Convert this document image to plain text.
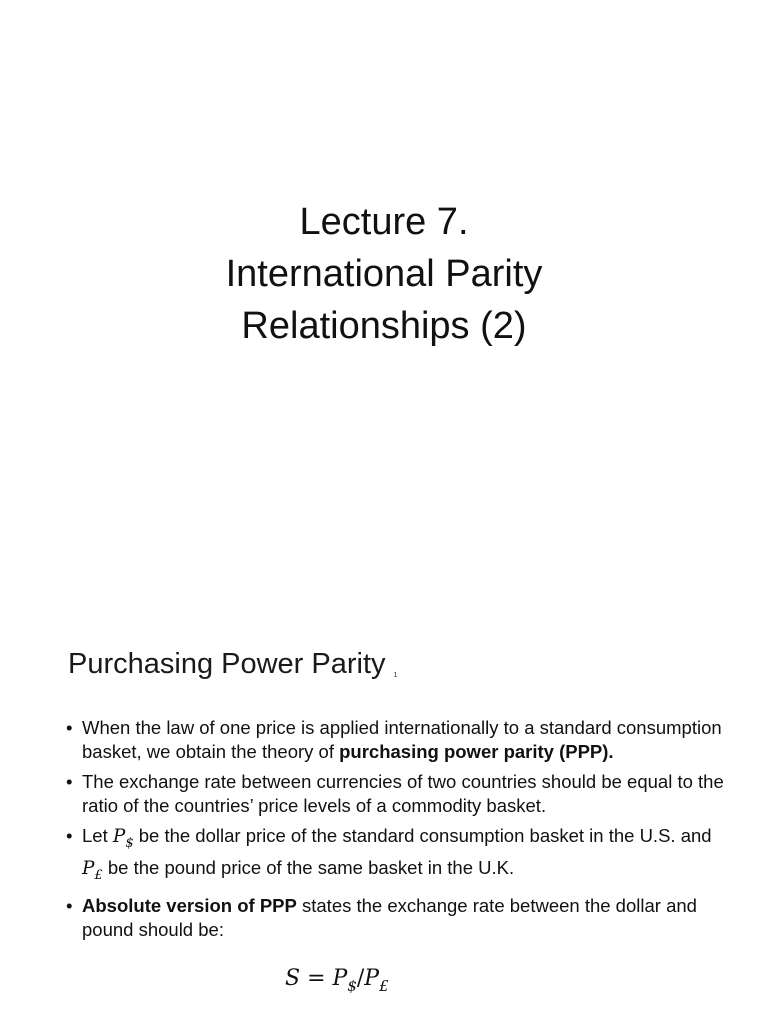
Lecture 7.
International Parity
Relationships (2)
Purchasing Power Parity 1
• When the law of one price is applied internationally to a standard consumption basket, we obtain the theory of purchasing power parity (PPP).
• The exchange rate between currencies of two countries should be equal to the ratio of the countries’ price levels of a commodity basket.
• Let $P_{\$}$ be the dollar price of the standard consumption basket in the U.S. and $P_£$ be the pound price of the same basket in the U.K.
• Absolute version of PPP states the exchange rate between the dollar and pound should be:
$S = P_{\$}/P_£$
